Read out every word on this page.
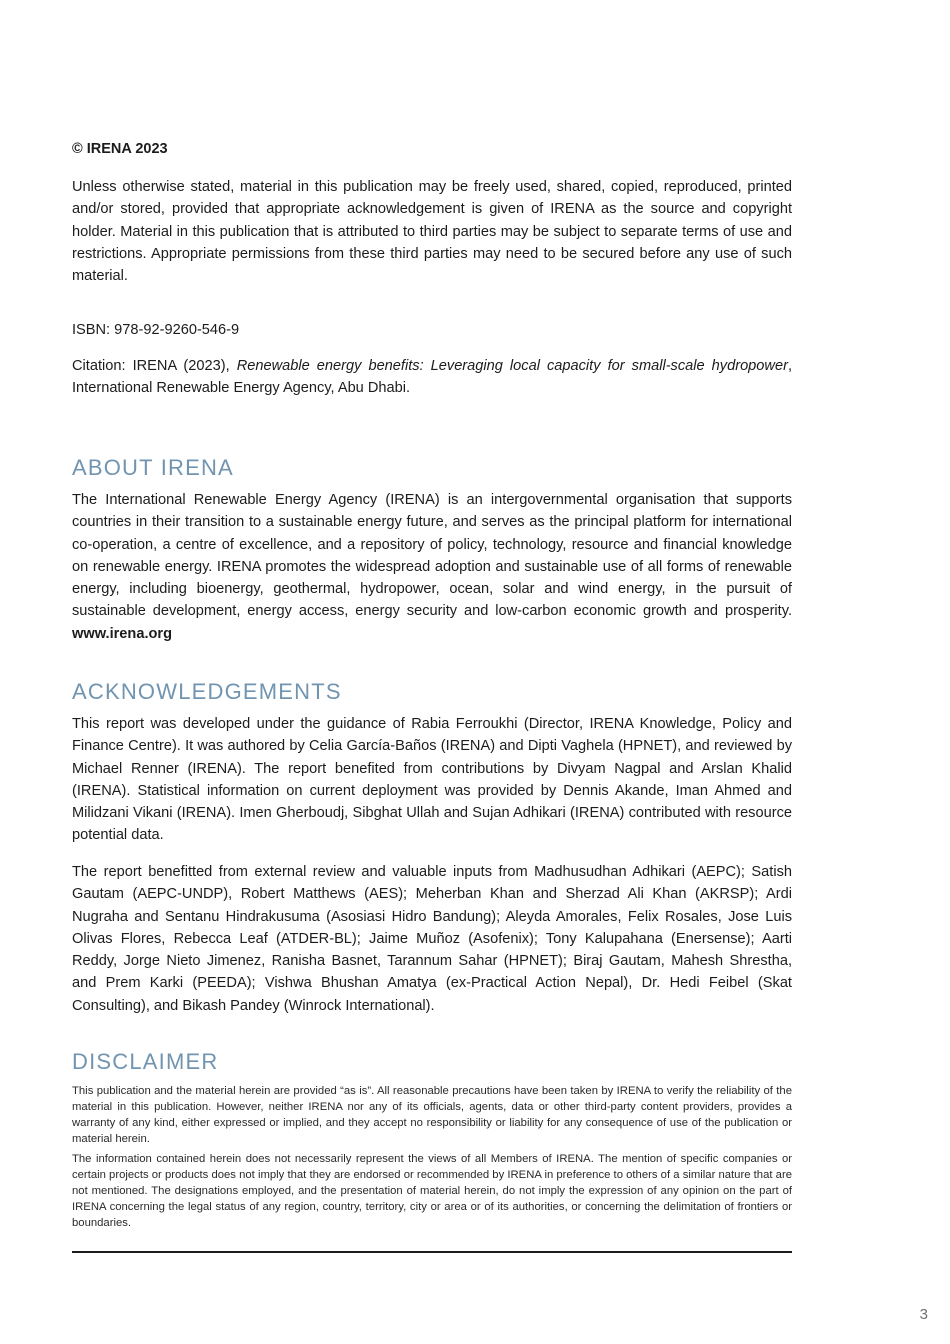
© IRENA 2023
Unless otherwise stated, material in this publication may be freely used, shared, copied, reproduced, printed and/or stored, provided that appropriate acknowledgement is given of IRENA as the source and copyright holder. Material in this publication that is attributed to third parties may be subject to separate terms of use and restrictions. Appropriate permissions from these third parties may need to be secured before any use of such material.
ISBN: 978-92-9260-546-9
Citation: IRENA (2023), Renewable energy benefits: Leveraging local capacity for small-scale hydropower, International Renewable Energy Agency, Abu Dhabi.
ABOUT IRENA
The International Renewable Energy Agency (IRENA) is an intergovernmental organisation that supports countries in their transition to a sustainable energy future, and serves as the principal platform for international co-operation, a centre of excellence, and a repository of policy, technology, resource and financial knowledge on renewable energy. IRENA promotes the widespread adoption and sustainable use of all forms of renewable energy, including bioenergy, geothermal, hydropower, ocean, solar and wind energy, in the pursuit of sustainable development, energy access, energy security and low-carbon economic growth and prosperity. www.irena.org
ACKNOWLEDGEMENTS
This report was developed under the guidance of Rabia Ferroukhi (Director, IRENA Knowledge, Policy and Finance Centre). It was authored by Celia García-Baños (IRENA) and Dipti Vaghela (HPNET), and reviewed by Michael Renner (IRENA). The report benefited from contributions by Divyam Nagpal and Arslan Khalid (IRENA). Statistical information on current deployment was provided by Dennis Akande, Iman Ahmed and Milidzani Vikani (IRENA). Imen Gherboudj, Sibghat Ullah and Sujan Adhikari (IRENA) contributed with resource potential data.
The report benefitted from external review and valuable inputs from Madhusudhan Adhikari (AEPC); Satish Gautam (AEPC-UNDP), Robert Matthews (AES); Meherban Khan and Sherzad Ali Khan (AKRSP); Ardi Nugraha and Sentanu Hindrakusuma (Asosiasi Hidro Bandung); Aleyda Amorales, Felix Rosales, Jose Luis Olivas Flores, Rebecca Leaf (ATDER-BL); Jaime Muñoz (Asofenix); Tony Kalupahana (Enersense); Aarti Reddy, Jorge Nieto Jimenez, Ranisha Basnet, Tarannum Sahar (HPNET); Biraj Gautam, Mahesh Shrestha, and Prem Karki (PEEDA); Vishwa Bhushan Amatya (ex-Practical Action Nepal), Dr. Hedi Feibel (Skat Consulting), and Bikash Pandey (Winrock International).
DISCLAIMER
This publication and the material herein are provided “as is”. All reasonable precautions have been taken by IRENA to verify the reliability of the material in this publication. However, neither IRENA nor any of its officials, agents, data or other third-party content providers, provides a warranty of any kind, either expressed or implied, and they accept no responsibility or liability for any consequence of use of the publication or material herein.
The information contained herein does not necessarily represent the views of all Members of IRENA. The mention of specific companies or certain projects or products does not imply that they are endorsed or recommended by IRENA in preference to others of a similar nature that are not mentioned. The designations employed, and the presentation of material herein, do not imply the expression of any opinion on the part of IRENA concerning the legal status of any region, country, territory, city or area or of its authorities, or concerning the delimitation of frontiers or boundaries.
3
